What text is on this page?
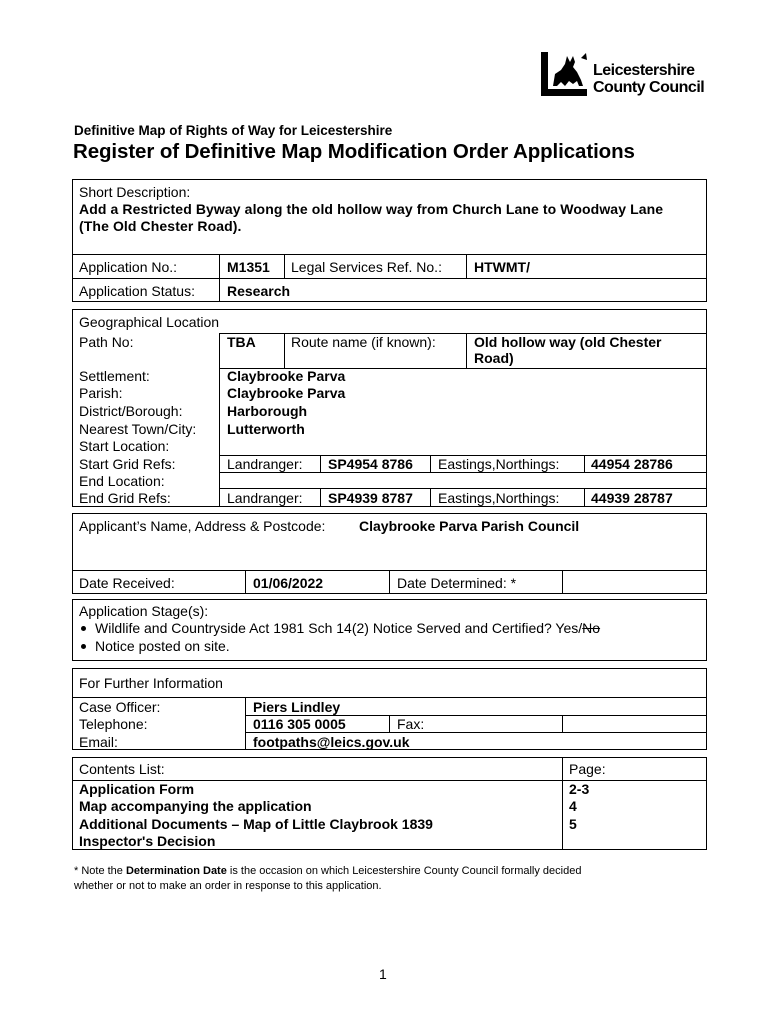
Leicestershire
County Council
Definitive Map of Rights of Way for Leicestershire
Register of Definitive Map Modification Order Applications
Short Description:
Add a Restricted Byway along the old hollow way from Church Lane to Woodway Lane (The Old Chester Road).
Application No.:	M1351 Legal Services Ref. No.: HTWMT/
Application Status: Research
Geographical Location
Path No:	TBA	Route name (if known):	Old hollow way (old Chester
Road)
Settlement:	Claybrooke Parva
Parish:	Claybrooke Parva
District/Borough:	Harborough
Nearest Town/City: Lutterworth
Start Location:
Start Grid Refs:	Landranger: SP4954 8786 Eastings,Northings: 44954 28786
End Location:
End Grid Refs:	Landranger: SP4939 8787 Eastings,Northings: 44939 28787
Applicant’s Name, Address & Postcode: Claybrooke Parva Parish Council
Date Received:	01/06/2022	Date Determined: *
Application Stage(s):
Wildlife and Countryside Act 1981 Sch 14(2) Notice Served and Certified? Yes/No
Notice posted on site.
For Further Information
Case Officer:	Piers Lindley
Telephone:	0116 305 0005	Fax:
Email:	footpaths@leics.gov.uk
Contents List:	Page:
Application Form	2-3
Map accompanying the application	4
Additional Documents – Map of Little Claybrook 1839	5
Inspector's Decision
* Note the Determination Date is the occasion on which Leicestershire County Council formally decided
whether or not to make an order in response to this application.
1
